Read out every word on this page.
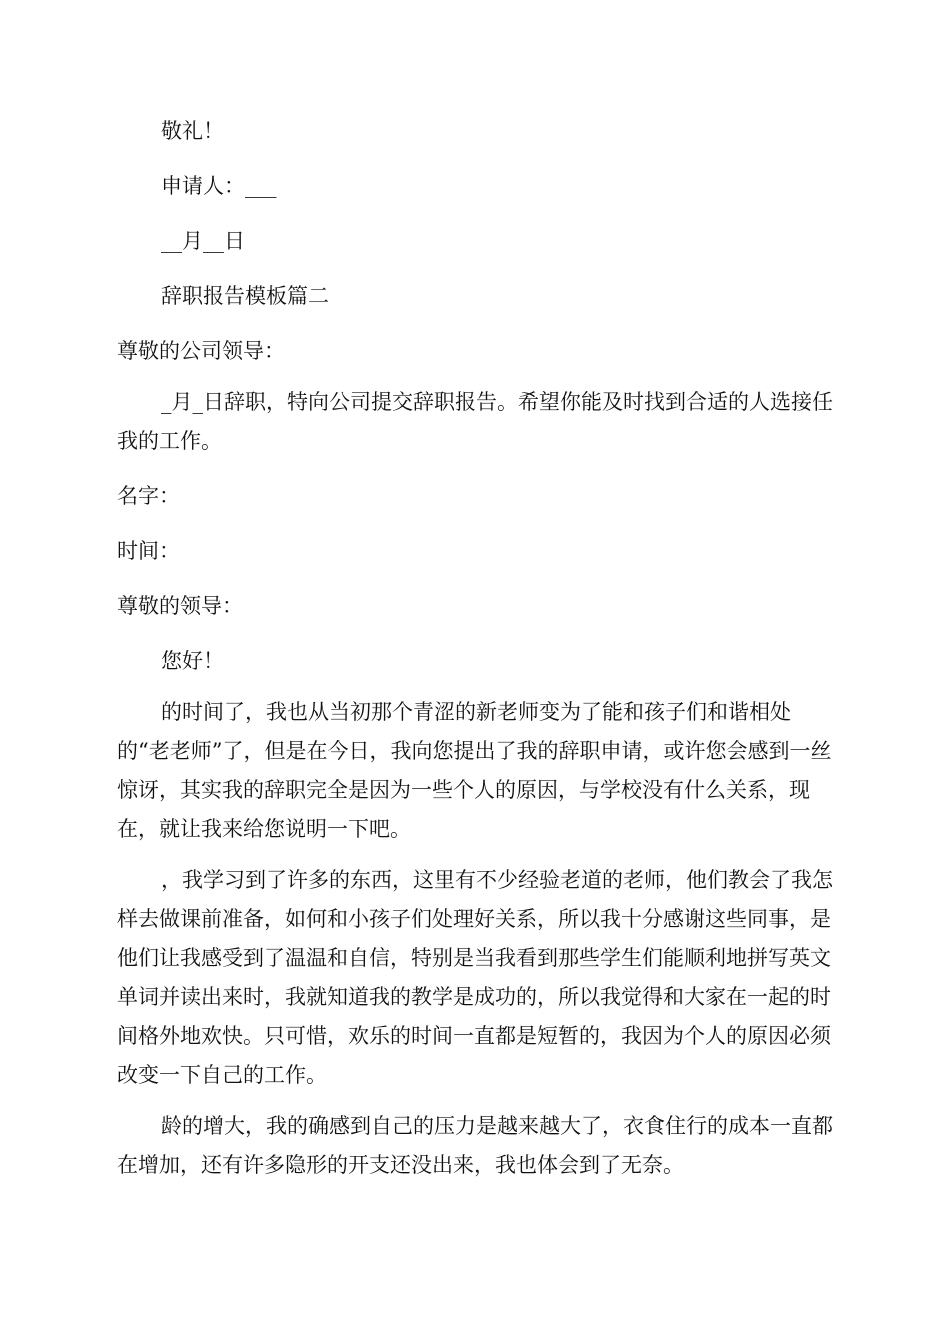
敬礼！

申请人：___

__月__日

辞职报告模板篇二

尊敬的公司领导：

_月_日辞职，特向公司提交辞职报告。希望你能及时找到合适的人选接任我的工作。

名字：

时间：

尊敬的领导：

您好！

的时间了，我也从当初那个青涩的新老师变为了能和孩子们和谐相处的“老老师”了，但是在今日，我向您提出了我的辞职申请，或许您会感到一丝惊讶，其实我的辞职完全是因为一些个人的原因，与学校没有什么关系，现在，就让我来给您说明一下吧。

，我学习到了许多的东西，这里有不少经验老道的老师，他们教会了我怎样去做课前准备，如何和小孩子们处理好关系，所以我十分感谢这些同事，是他们让我感受到了温温和自信，特别是当我看到那些学生们能顺利地拼写英文单词并读出来时，我就知道我的教学是成功的，所以我觉得和大家在一起的时间格外地欢快。只可惜，欢乐的时间一直都是短暂的，我因为个人的原因必须改变一下自己的工作。

龄的增大，我的确感到自己的压力是越来越大了，衣食住行的成本一直都在增加，还有许多隐形的开支还没出来，我也体会到了无奈。
